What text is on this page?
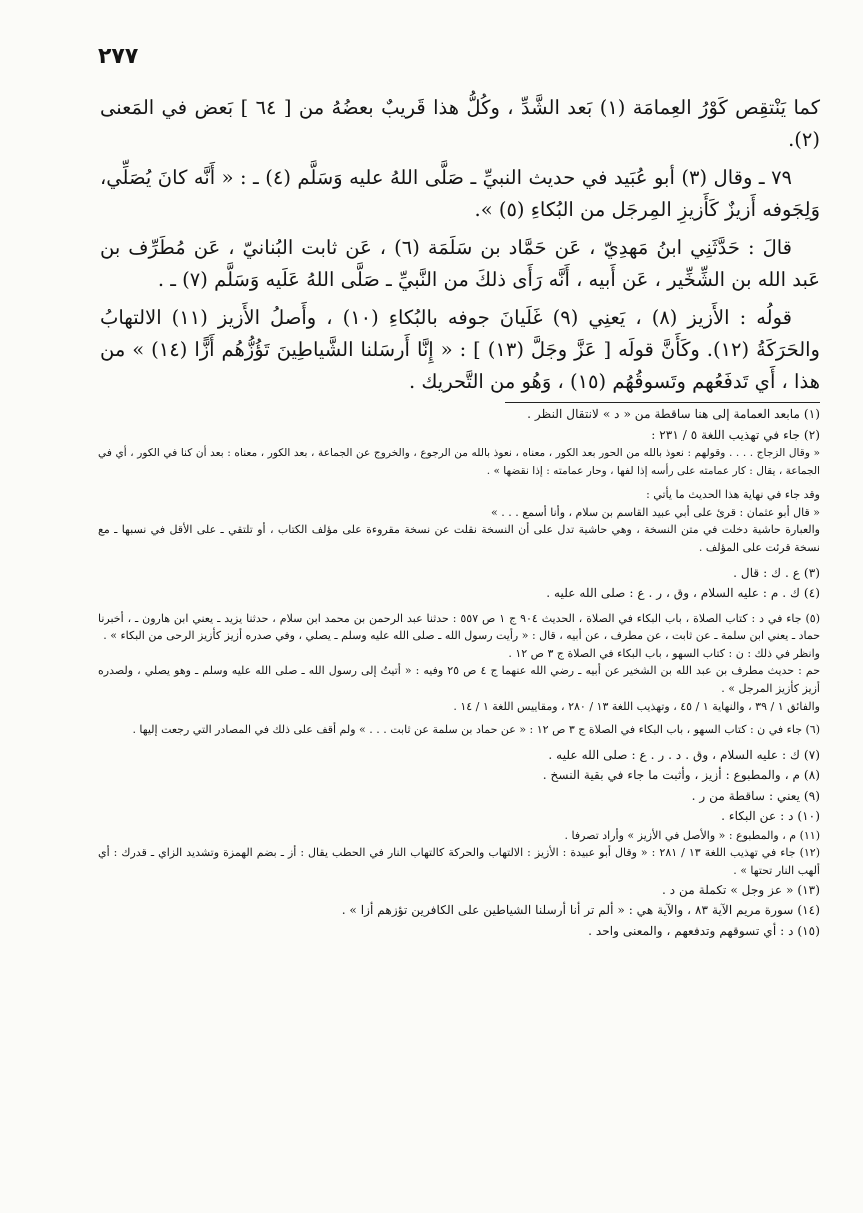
٢٧٧

كما يَنْتقِص كَوْرُ العِمامَة (١) بَعد الشَّدِّ ، وكُلُّ هذا قَريبٌ بعضُهُ من [ ٦٤ ] بَعض في المَعنى (٢).

٧٩ ـ وقال (٣) أبو عُبَيد في حديث النبيِّ ـ صَلَّى اللهُ عليه وَسَلَّم (٤) ـ : « أَنَّه كانَ يُصَلِّي، وَلِجَوفه أَزيزٌ كَأَزيزِ المِرجَل من البُكاءِ (٥) ».

قالَ : حَدَّثَنِي ابنُ مَهدِيّ ، عَن حَمَّاد بن سَلَمَة (٦) ، عَن ثابت البُنانيّ ، عَن مُطَرِّف بن عَبد الله بن الشِّخِّير ، عَن أَبيه ، أَنَّه رَأَى ذلكَ من النَّبيِّ ـ صَلَّى اللهُ عَلَيه وَسَلَّم (٧) ـ .

قولُه : الأَزيز (٨) ، يَعنِي (٩) غَلَيانَ جوفه بالبُكاءِ (١٠) ، وأَصلُ الأَزيز (١١) الالتهابُ والحَرَكَةُ (١٢). وكَأَنَّ قولَه [ عَزَّ وجَلَّ (١٣) ] : « إِنَّا أَرسَلنا الشَّياطِينَ تَؤُزُّهُم أَزًّا (١٤) » من هذا ، أَي تَدفَعُهم وتَسوقُهُم (١٥) ، وَهُو من التَّحريك .

(١) مابعد العمامة إلى هنا ساقطة من « د » لانتقال النظر .

(٢) جاء في تهذيب اللغة ٥ / ٢٣١ :

« وقال الزجاج . . . . وقولهم : نعوذ بالله من الحور بعد الكور ، معناه ، نعوذ بالله من الرجوع ، والخروج عن الجماعة ، بعد الكور ، معناه : بعد أن كنا في الكور ، أي في الجماعة ، يقال : كار عمامته على رأسه إذا لفها ، وحار عمامته : إذا نقضها » .

وقد جاء في نهاية هذا الحديث ما يأتي :

« قال أبو عثمان : قرئ على أبي عبيد القاسم بن سلام ، وأنا أسمع . . . »

والعبارة حاشية دخلت في متن النسخة ، وهي حاشية تدل على أن النسخة نقلت عن نسخة مقروءة على مؤلف الكتاب ، أو تلتقي ـ على الأقل في نسبها ـ مع نسخة قرئت على المؤلف .

(٣) ع . ك : قال .

(٤) ك . م : عليه السلام ، وق ، ر . ع : صلى الله عليه .

(٥) جاء في د : كتاب الصلاة ، باب البكاء في الصلاة ، الحديث ٩٠٤ ج ١ ص ٥٥٧ : حدثنا عبد الرحمن بن محمد ابن سلام ، حدثنا يزيد ـ يعني ابن هارون ـ ، أخبرنا حماد ـ يعني ابن سلمة ـ عن ثابت ، عن مطرف ، عن أبيه ، قال : « رأيت رسول الله ـ صلى الله عليه وسلم ـ يصلي ، وفي صدره أزيز كأزيز الرحى من البكاء » .

وانظر في ذلك : ن : كتاب السهو ، باب البكاء في الصلاة ج ٣ ص ١٢ .

حم : حديث مطرف بن عبد الله بن الشخير عن أبيه ـ رضي الله عنهما ج ٤ ص ٢٥ وفيه : « أتيتُ إلى رسول الله ـ صلى الله عليه وسلم ـ وهو يصلي ، ولصدره أزيز كأزيز المرجل » .

والفائق ١ / ٣٩ ، والنهاية ١ / ٤٥ ، وتهذيب اللغة ١٣ / ٢٨٠ ، ومقاييس اللغة ١ / ١٤ .

(٦) جاء في ن : كتاب السهو ، باب البكاء في الصلاة ج ٣ ص ١٢ : « عن حماد بن سلمة عن ثابت . . . » ولم أقف على ذلك في المصادر التي رجعت إليها .

(٧) ك : عليه السلام ، وق . د . ر . ع : صلى الله عليه .

(٨) م ، والمطبوع : أزيز ، وأثبت ما جاء في بقية النسخ .

(٩) يعني : ساقطة من ر .

(١٠) د : عن البكاء .

(١١) م ، والمطبوع : « والأصل في الأزيز » وأراد تصرفا .

(١٢) جاء في تهذيب اللغة ١٣ / ٢٨١ : « وقال أبو عبيدة : الأزيز : الالتهاب والحركة كالتهاب النار في الحطب يقال : أز ـ بضم الهمزة وتشديد الزاي ـ قدرك : أي ألهب النار تحتها » .

(١٣) « عز وجل » تكملة من د .

(١٤) سورة مريم الآية ٨٣ ، والآية هي : « ألم تر أنا أرسلنا الشياطين على الكافرين تؤزهم أزا » .

(١٥) د : أي تسوقهم وتدفعهم ، والمعنى واحد .
